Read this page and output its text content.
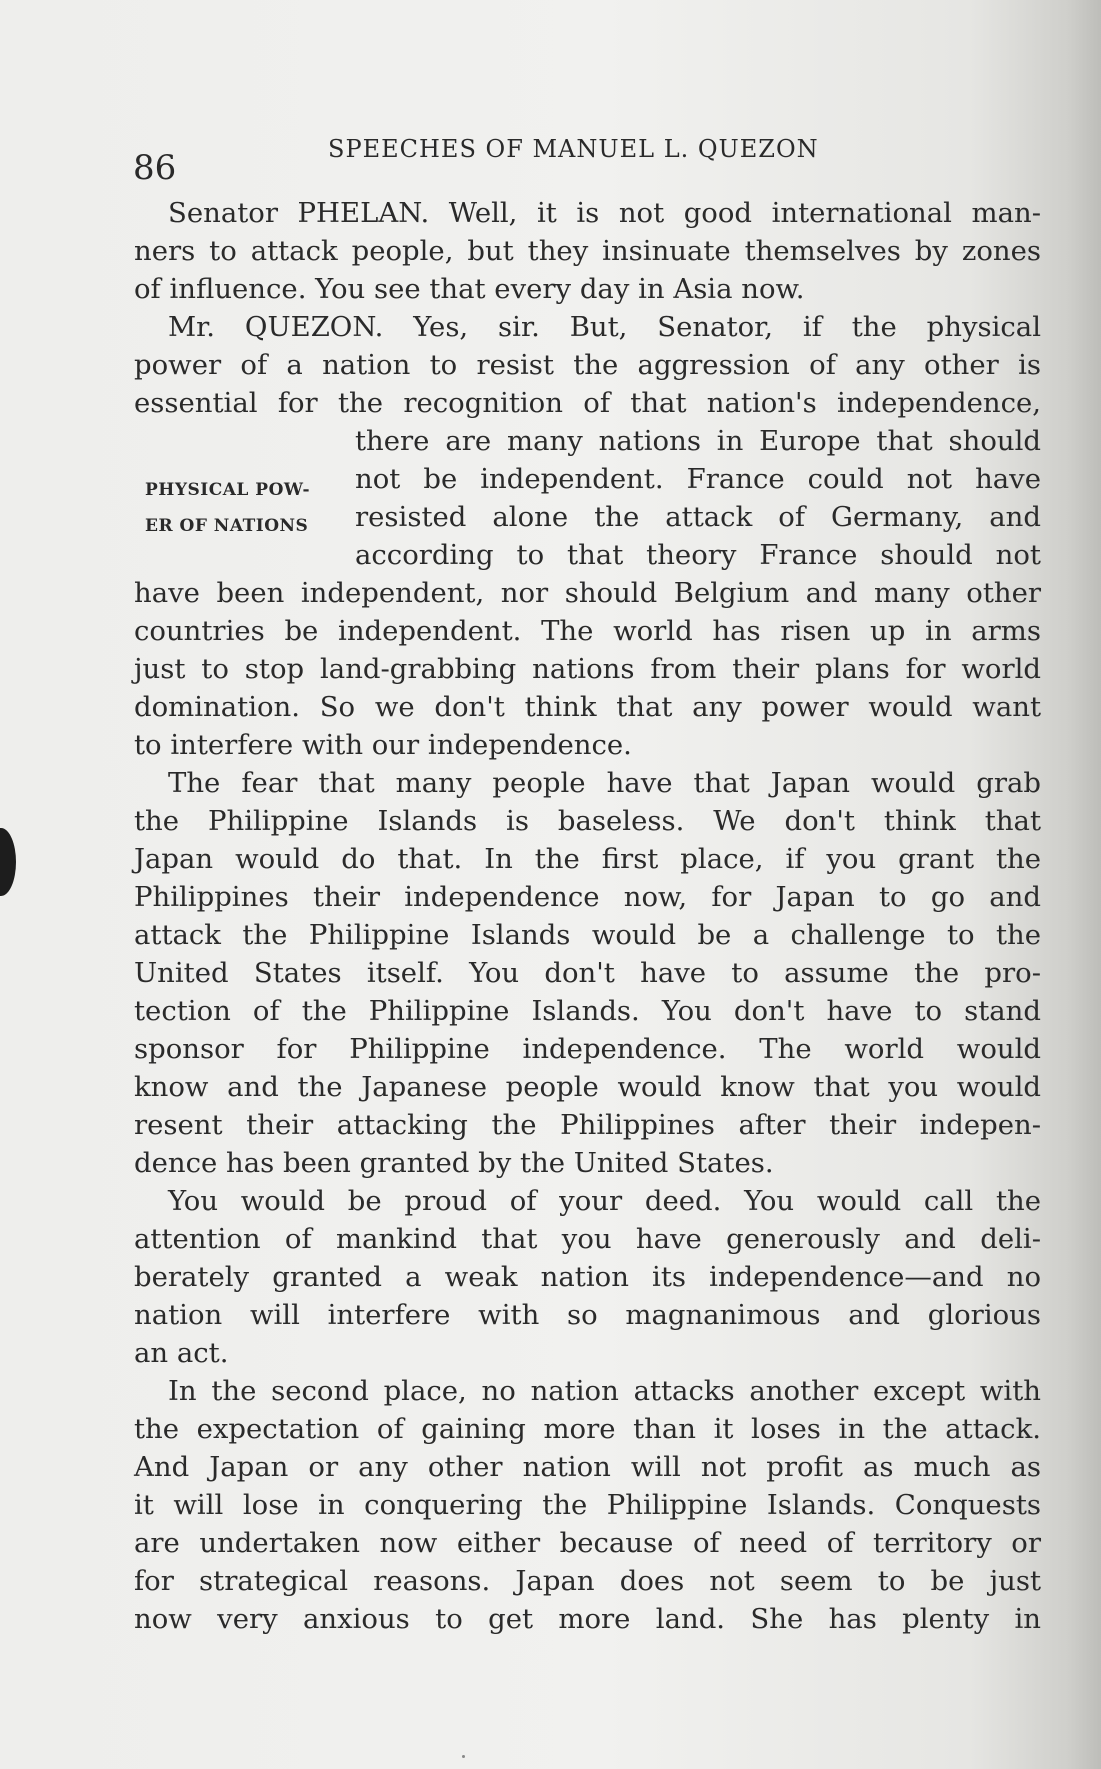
86	SPEECHES OF MANUEL L. QUEZON
PHYSICAL POW-
ER OF NATIONS
Senator PHELAN. Well, it is not good international man-
ners to attack people, but they insinuate themselves by zones
of influence. You see that every day in Asia now.
Mr. QUEZON. Yes, sir. But, Senator, if the physical
power of a nation to resist the aggression of any other is
essential for the recognition of that nation's independence,
there are many nations in Europe that should
not be independent. France could not have
resisted alone the attack of Germany, and
according to that theory France should not
have been independent, nor should Belgium and many other
countries be independent. The world has risen up in arms
just to stop land-grabbing nations from their plans for world
domination. So we don't think that any power would want
to interfere with our independence.
The fear that many people have that Japan would grab
the Philippine Islands is baseless. We don't think that
Japan would do that. In the first place, if you grant the
Philippines their independence now, for Japan to go and
attack the Philippine Islands would be a challenge to the
United States itself. You don't have to assume the pro-
tection of the Philippine Islands. You don't have to stand
sponsor for Philippine independence. The world would
know and the Japanese people would know that you would
resent their attacking the Philippines after their indepen-
dence has been granted by the United States.
You would be proud of your deed. You would call the
attention of mankind that you have generously and deli-
berately granted a weak nation its independence—and no
nation will interfere with so magnanimous and glorious
an act.
In the second place, no nation attacks another except with
the expectation of gaining more than it loses in the attack.
And Japan or any other nation will not profit as much as
it will lose in conquering the Philippine Islands. Conquests
are undertaken now either because of need of territory or
for strategical reasons. Japan does not seem to be just
now very anxious to get more land. She has plenty in
